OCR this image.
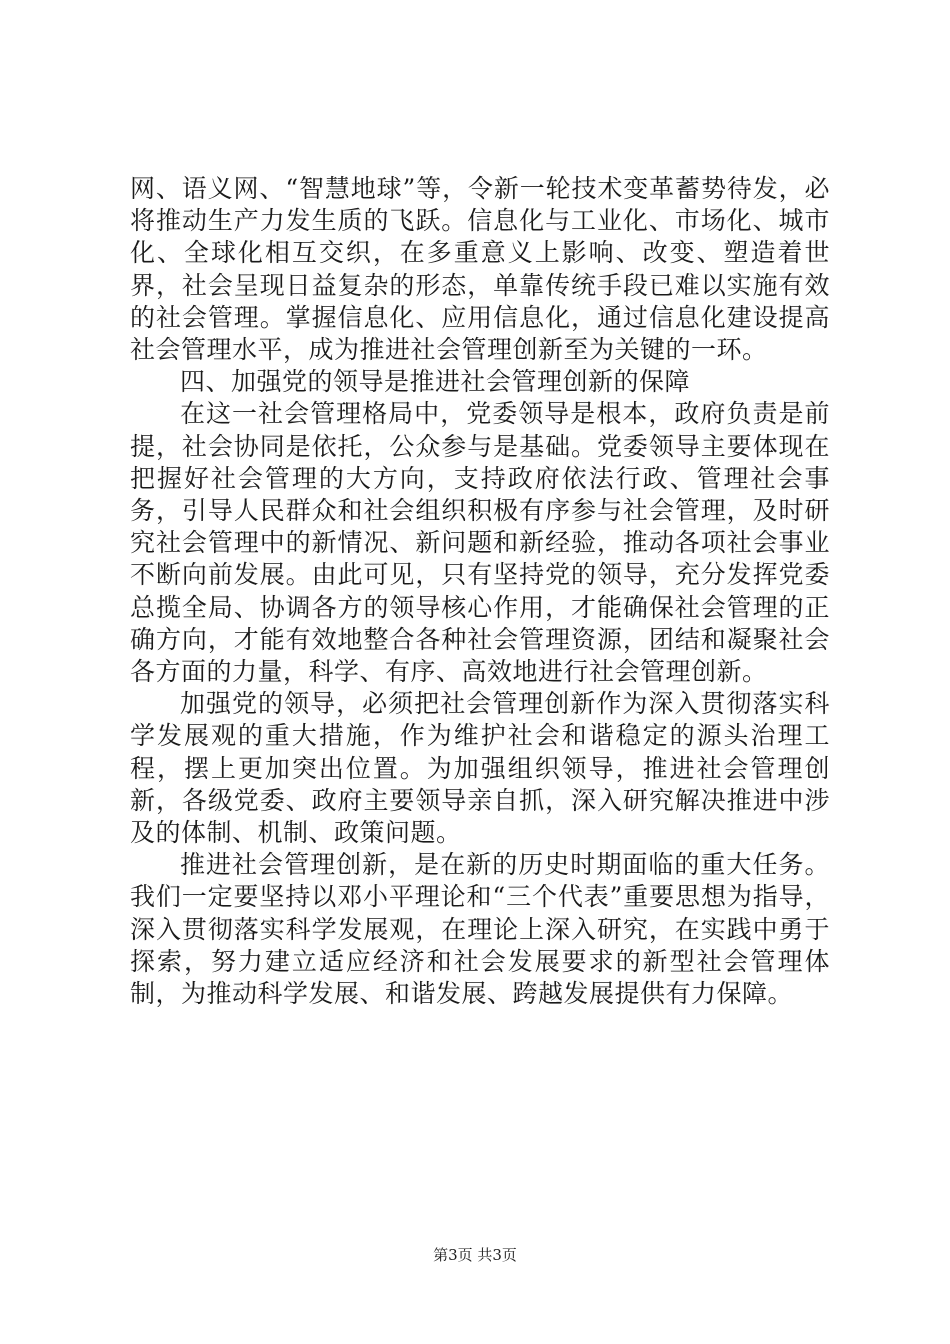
网、语义网、“智慧地球”等，令新一轮技术变革蓄势待发，必将推动生产力发生质的飞跃。信息化与工业化、市场化、城市化、全球化相互交织，在多重意义上影响、改变、塑造着世界，社会呈现日益复杂的形态，单靠传统手段已难以实施有效的社会管理。掌握信息化、应用信息化，通过信息化建设提高社会管理水平，成为推进社会管理创新至为关键的一环。

四、加强党的领导是推进社会管理创新的保障

在这一社会管理格局中，党委领导是根本，政府负责是前提，社会协同是依托，公众参与是基础。党委领导主要体现在把握好社会管理的大方向，支持政府依法行政、管理社会事务，引导人民群众和社会组织积极有序参与社会管理，及时研究社会管理中的新情况、新问题和新经验，推动各项社会事业不断向前发展。由此可见，只有坚持党的领导，充分发挥党委总揽全局、协调各方的领导核心作用，才能确保社会管理的正确方向，才能有效地整合各种社会管理资源，团结和凝聚社会各方面的力量，科学、有序、高效地进行社会管理创新。

加强党的领导，必须把社会管理创新作为深入贯彻落实科学发展观的重大措施，作为维护社会和谐稳定的源头治理工程，摆上更加突出位置。为加强组织领导，推进社会管理创新，各级党委、政府主要领导亲自抓，深入研究解决推进中涉及的体制、机制、政策问题。

推进社会管理创新，是在新的历史时期面临的重大任务。我们一定要坚持以邓小平理论和“三个代表”重要思想为指导，深入贯彻落实科学发展观，在理论上深入研究，在实践中勇于探索，努力建立适应经济和社会发展要求的新型社会管理体制，为推动科学发展、和谐发展、跨越发展提供有力保障。

第3页 共3页
